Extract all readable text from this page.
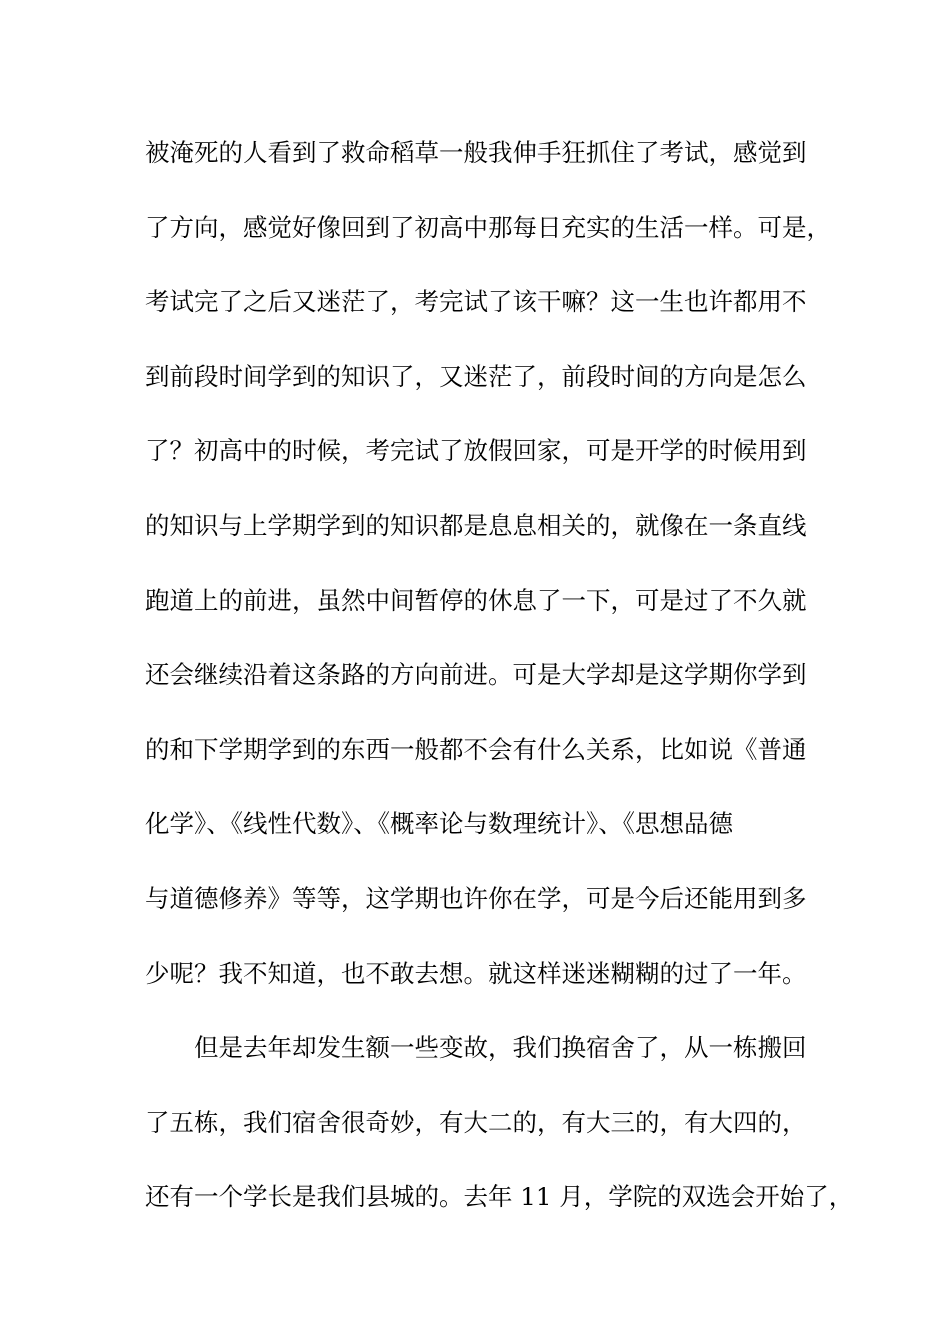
被淹死的人看到了救命稻草一般我伸手狂抓住了考试，感觉到
了方向，感觉好像回到了初高中那每日充实的生活一样。可是，
考试完了之后又迷茫了，考完试了该干嘛？这一生也许都用不
到前段时间学到的知识了，又迷茫了，前段时间的方向是怎么
了？初高中的时候，考完试了放假回家，可是开学的时候用到
的知识与上学期学到的知识都是息息相关的，就像在一条直线
跑道上的前进，虽然中间暂停的休息了一下，可是过了不久就
还会继续沿着这条路的方向前进。可是大学却是这学期你学到
的和下学期学到的东西一般都不会有什么关系，比如说《普通
化学》、《线性代数》、《概率论与数理统计》、《思想品德
与道德修养》等等，这学期也许你在学，可是今后还能用到多
少呢？我不知道，也不敢去想。就这样迷迷糊糊的过了一年。
但是去年却发生额一些变故，我们换宿舍了，从一栋搬回
了五栋，我们宿舍很奇妙，有大二的，有大三的，有大四的，
还有一个学长是我们县城的。去年 11 月，学院的双选会开始了，
